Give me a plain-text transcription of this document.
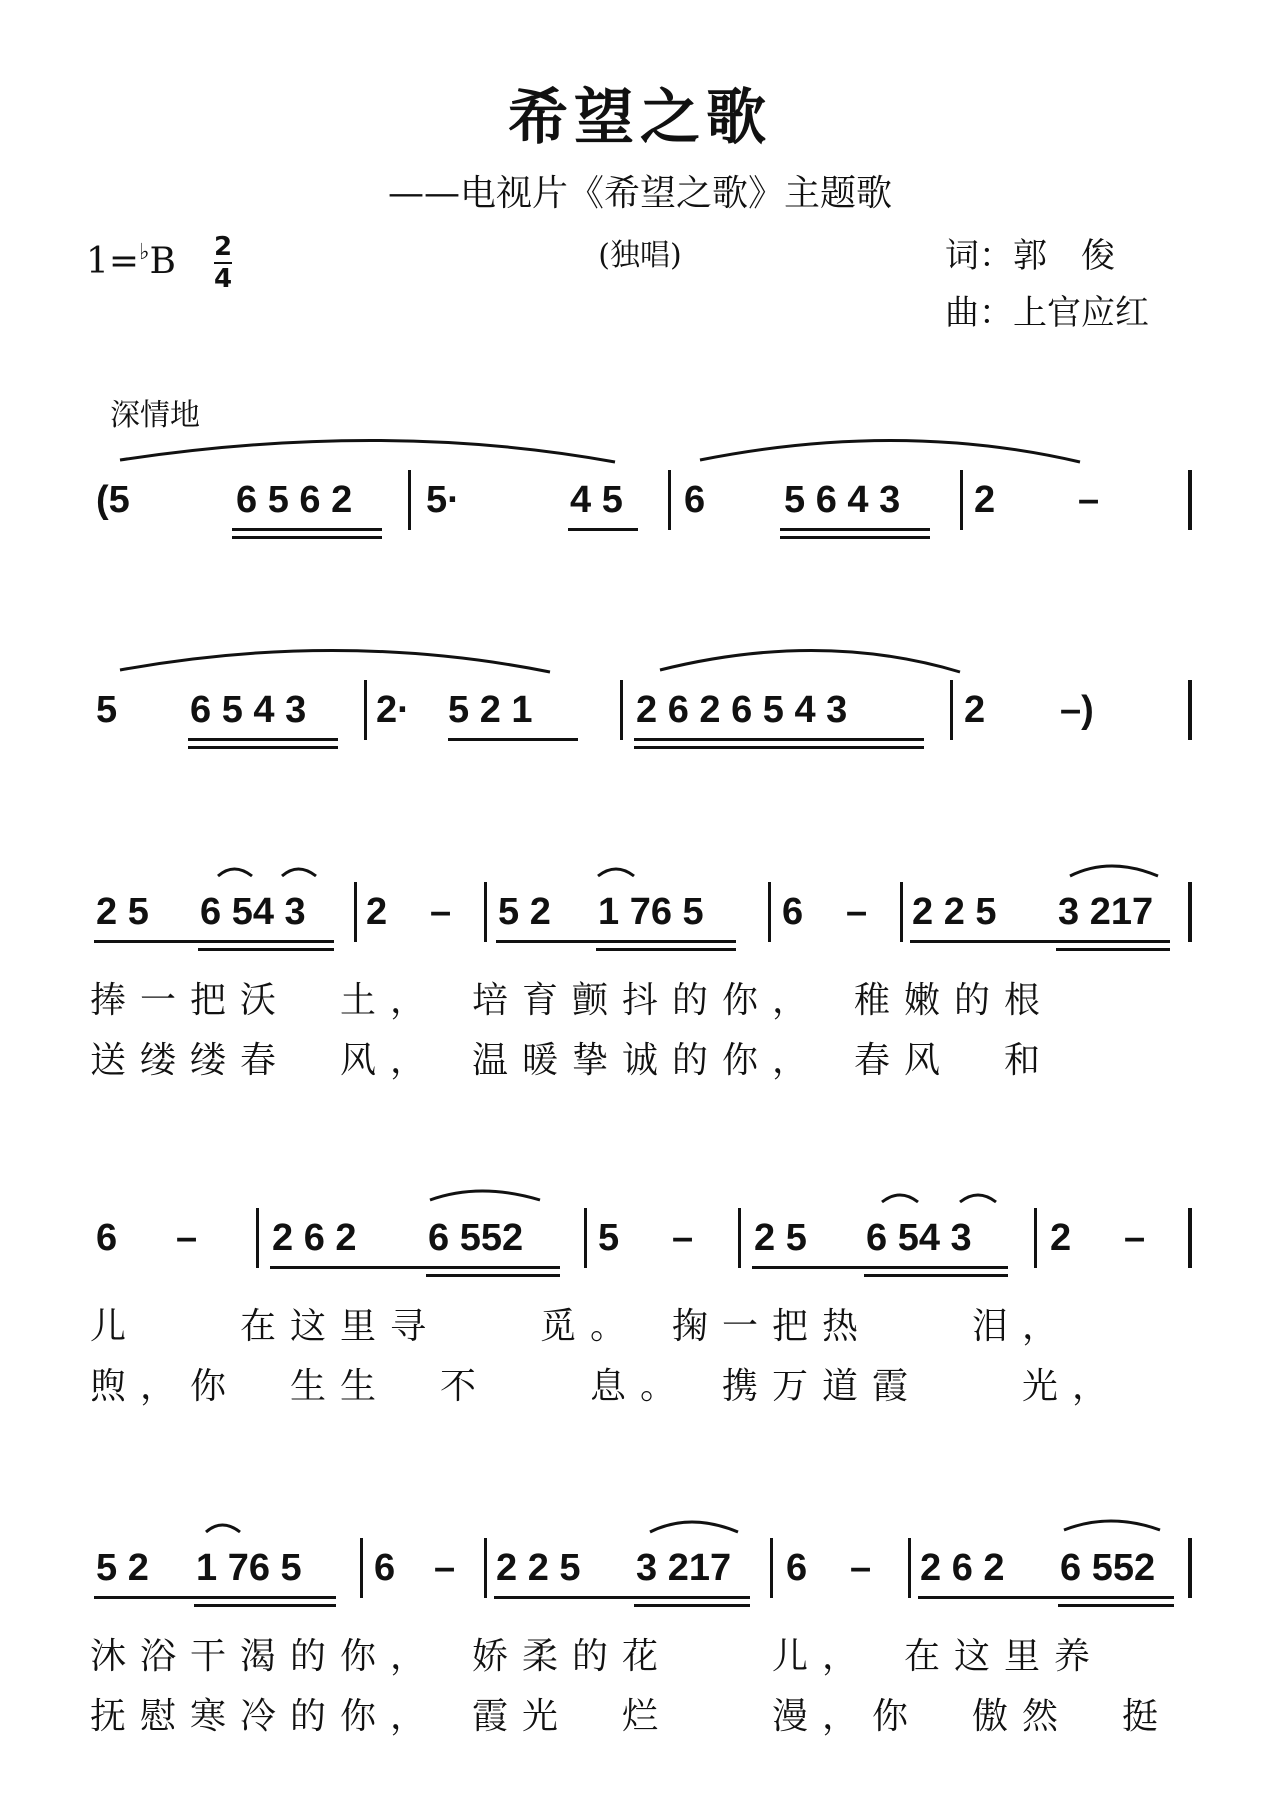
希望之歌
——电视片《希望之歌》主题歌
(独唱)
1=♭B 2
4
词：郭　俊
曲：上官应红
深情地
(5	6 5 6 2 5·	4 5 6 5 6 4 3 2 –
5 6 5 4 3 2· 5 2 1	2 6 2 6 5 4 3	2 –)
2 5 6 54 3 2 – 5 2 1 76 5 6 – 2 2 5 3 217
捧一把沃　土，　培育颤抖的你，　稚嫩的根
送缕缕春　风，　温暖挚诚的你，　春风　和
6 – 2 6 2 6 552 5 – 2 5 6 54 3 2 –
儿　　在这里寻　　觅。　掬一把热　　泪，
煦，你　生生　不　　息。　携万道霞　　光，
5 2 1 76 5 6 – 2 2 5 3 217 6 – 2 6 2 6 552
沐浴干渴的你，　娇柔的花　　儿，　在这里养
抚慰寒冷的你，　霞光　烂　　漫，你　傲然　挺
